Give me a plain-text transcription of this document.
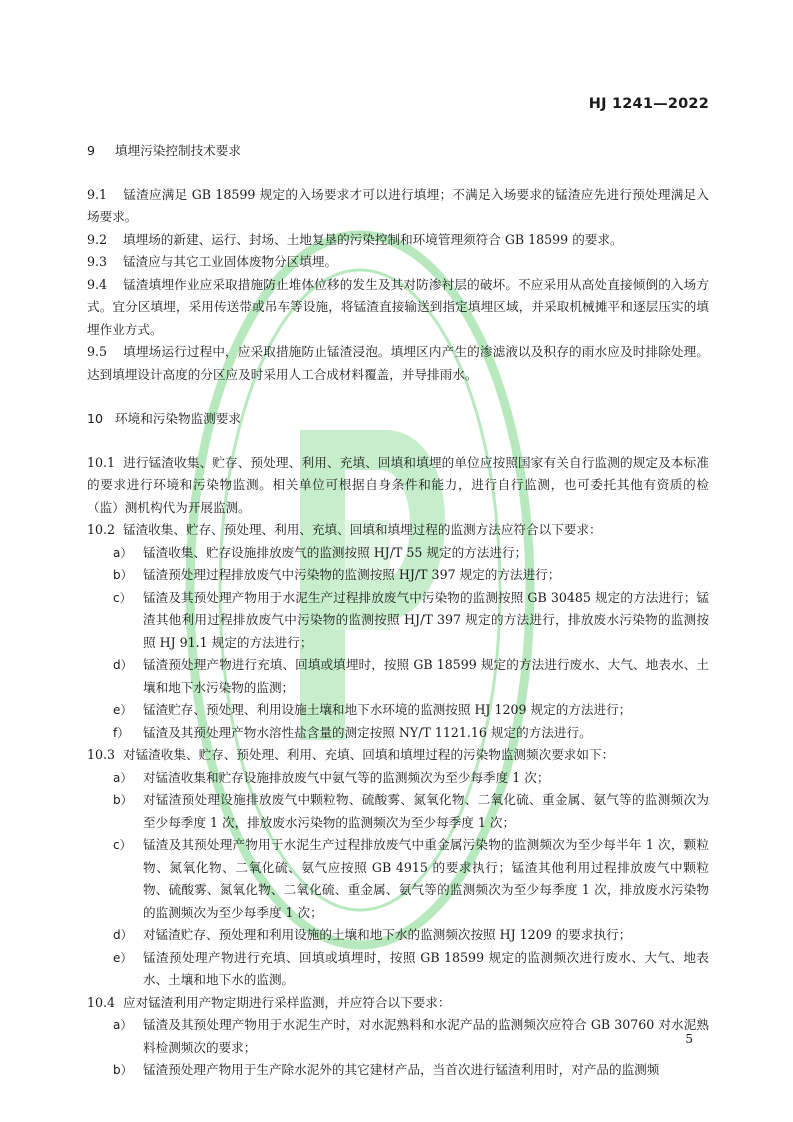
HJ 1241—2022

9 填埋污染控制技术要求

9.1 锰渣应满足 GB 18599 规定的入场要求才可以进行填埋；不满足入场要求的锰渣应先进行预处理满足入场要求。

9.2 填埋场的新建、运行、封场、土地复垦的污染控制和环境管理须符合 GB 18599 的要求。

9.3 锰渣应与其它工业固体废物分区填埋。

9.4 锰渣填埋作业应采取措施防止堆体位移的发生及其对防渗衬层的破坏。不应采用从高处直接倾倒的入场方式。宜分区填埋，采用传送带或吊车等设施，将锰渣直接输送到指定填埋区域，并采取机械摊平和逐层压实的填埋作业方式。

9.5 填埋场运行过程中，应采取措施防止锰渣浸泡。填埋区内产生的渗滤液以及积存的雨水应及时排除处理。达到填埋设计高度的分区应及时采用人工合成材料覆盖，并导排雨水。

10 环境和污染物监测要求

10.1 进行锰渣收集、贮存、预处理、利用、充填、回填和填埋的单位应按照国家有关自行监测的规定及本标准的要求进行环境和污染物监测。相关单位可根据自身条件和能力，进行自行监测，也可委托其他有资质的检（监）测机构代为开展监测。

10.2 锰渣收集、贮存、预处理、利用、充填、回填和填埋过程的监测方法应符合以下要求：

a） 锰渣收集、贮存设施排放废气的监测按照 HJ/T 55 规定的方法进行；
b） 锰渣预处理过程排放废气中污染物的监测按照 HJ/T 397 规定的方法进行；
c） 锰渣及其预处理产物用于水泥生产过程排放废气中污染物的监测按照 GB 30485 规定的方法进行；锰渣其他利用过程排放废气中污染物的监测按照 HJ/T 397 规定的方法进行，排放废水污染物的监测按照 HJ 91.1 规定的方法进行；
d） 锰渣预处理产物进行充填、回填或填埋时，按照 GB 18599 规定的方法进行废水、大气、地表水、土壤和地下水污染物的监测；
e） 锰渣贮存、预处理、利用设施土壤和地下水环境的监测按照 HJ 1209 规定的方法进行；
f） 锰渣及其预处理产物水溶性盐含量的测定按照 NY/T 1121.16 规定的方法进行。

10.3 对锰渣收集、贮存、预处理、利用、充填、回填和填埋过程的污染物监测频次要求如下：

a） 对锰渣收集和贮存设施排放废气中氨气等的监测频次为至少每季度 1 次；
b） 对锰渣预处理设施排放废气中颗粒物、硫酸雾、氮氧化物、二氧化硫、重金属、氨气等的监测频次为至少每季度 1 次，排放废水污染物的监测频次为至少每季度 1 次；
c） 锰渣及其预处理产物用于水泥生产过程排放废气中重金属污染物的监测频次为至少每半年 1 次，颗粒物、氮氧化物、二氧化硫、氨气应按照 GB 4915 的要求执行；锰渣其他利用过程排放废气中颗粒物、硫酸雾、氮氧化物、二氧化硫、重金属、氨气等的监测频次为至少每季度 1 次，排放废水污染物的监测频次为至少每季度 1 次；
d） 对锰渣贮存、预处理和利用设施的土壤和地下水的监测频次按照 HJ 1209 的要求执行；
e） 锰渣预处理产物进行充填、回填或填埋时，按照 GB 18599 规定的监测频次进行废水、大气、地表水、土壤和地下水的监测。

10.4 应对锰渣利用产物定期进行采样监测，并应符合以下要求：

a） 锰渣及其预处理产物用于水泥生产时，对水泥熟料和水泥产品的监测频次应符合 GB 30760 对水泥熟料检测频次的要求；
b） 锰渣预处理产物用于生产除水泥外的其它建材产品，当首次进行锰渣利用时，对产品的监测频
5
